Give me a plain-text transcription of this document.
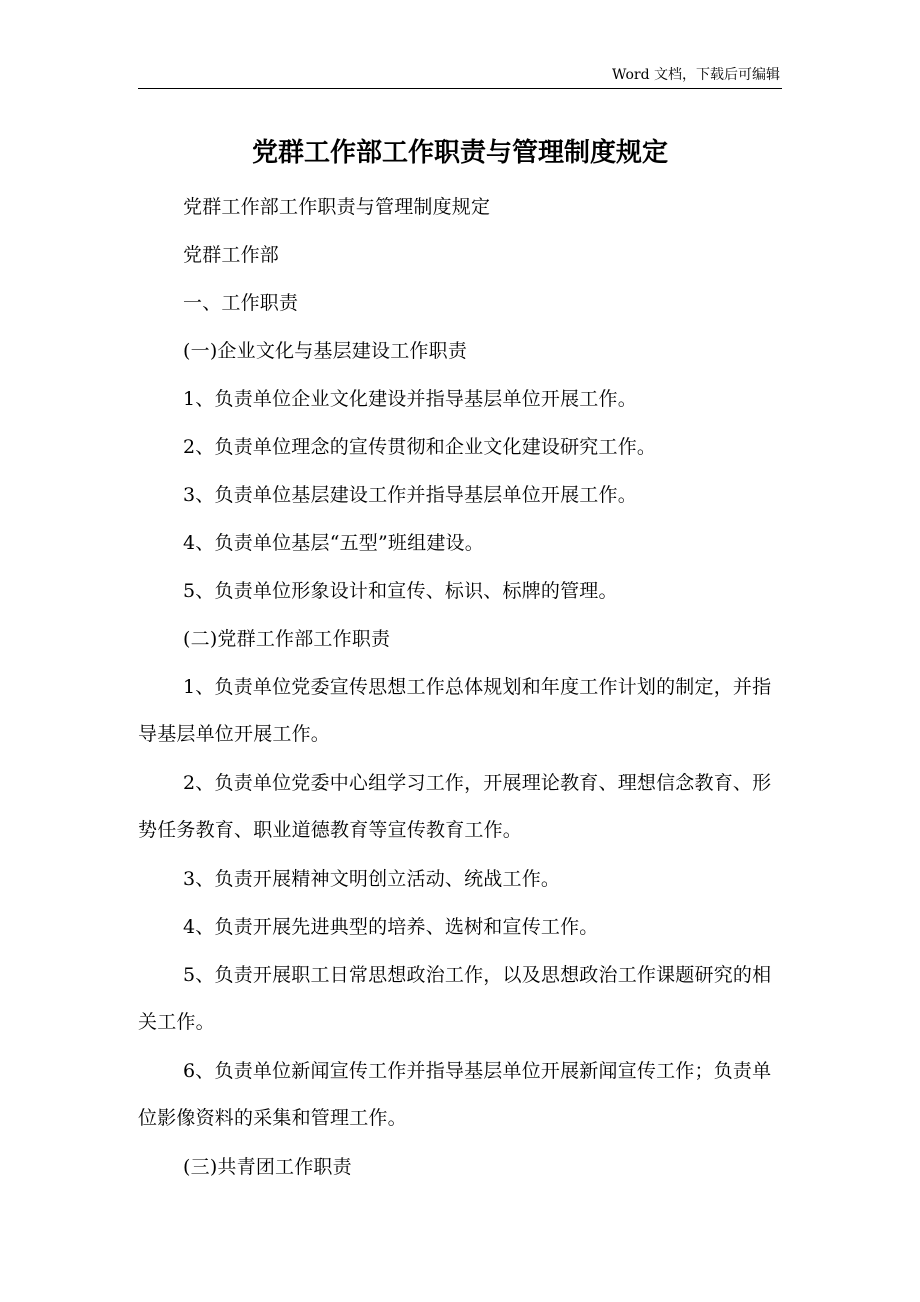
Word 文档，下载后可编辑
党群工作部工作职责与管理制度规定

党群工作部工作职责与管理制度规定

党群工作部

一、工作职责

(一)企业文化与基层建设工作职责

1、负责单位企业文化建设并指导基层单位开展工作。

2、负责单位理念的宣传贯彻和企业文化建设研究工作。

3、负责单位基层建设工作并指导基层单位开展工作。

4、负责单位基层“五型”班组建设。

5、负责单位形象设计和宣传、标识、标牌的管理。

(二)党群工作部工作职责

1、负责单位党委宣传思想工作总体规划和年度工作计划的制定，并指导基层单位开展工作。

2、负责单位党委中心组学习工作，开展理论教育、理想信念教育、形势任务教育、职业道德教育等宣传教育工作。

3、负责开展精神文明创立活动、统战工作。

4、负责开展先进典型的培养、选树和宣传工作。

5、负责开展职工日常思想政治工作，以及思想政治工作课题研究的相关工作。

6、负责单位新闻宣传工作并指导基层单位开展新闻宣传工作；负责单位影像资料的采集和管理工作。

(三)共青团工作职责
